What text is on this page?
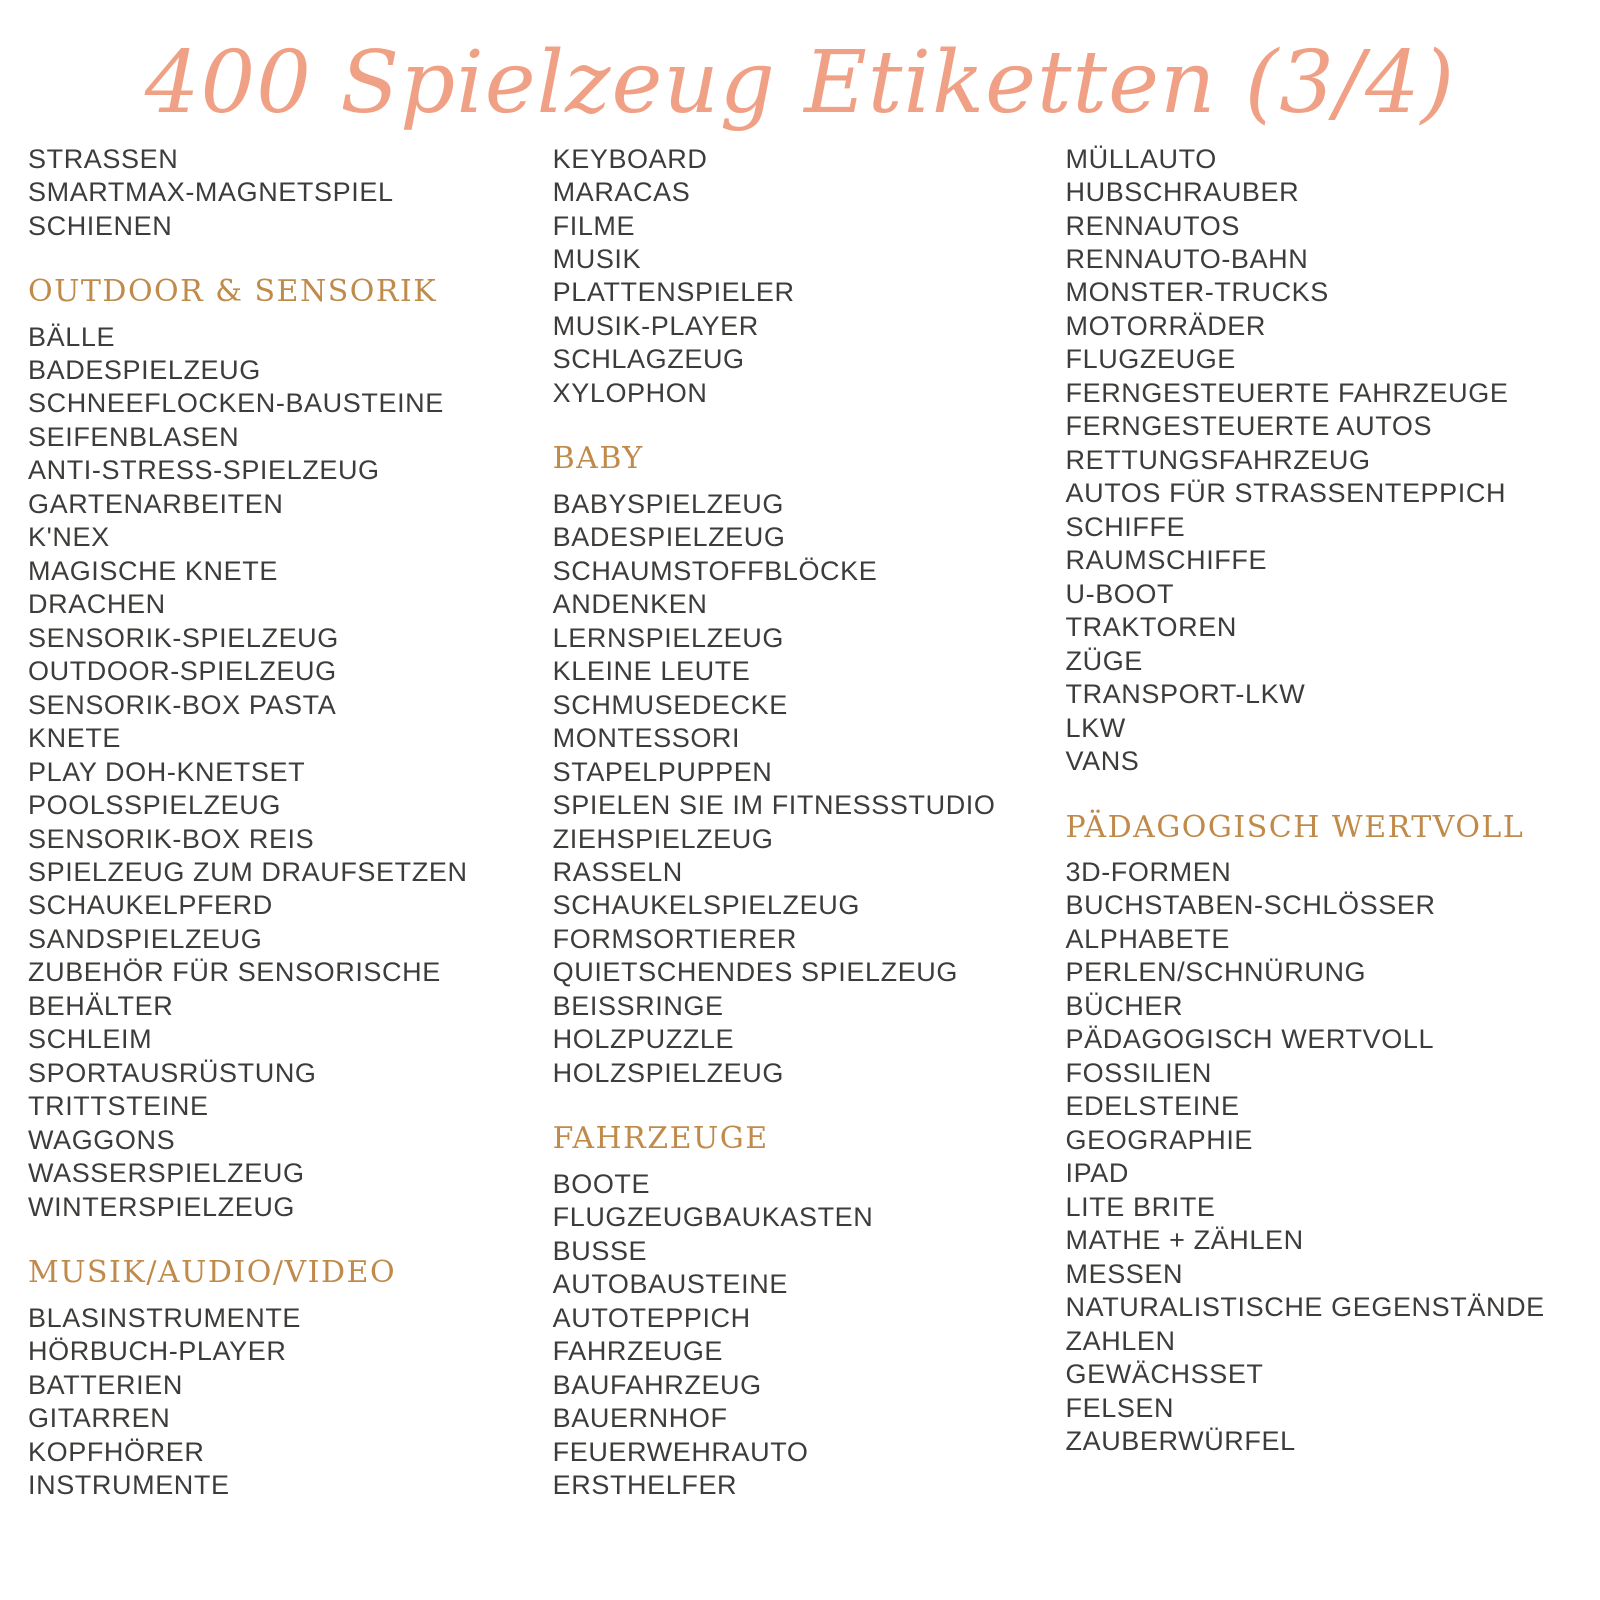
400 Spielzeug Etiketten (3/4)
STRASSEN
SMARTMAX-MAGNETSPIEL
SCHIENEN
OUTDOOR & SENSORIK
BÄLLE
BADESPIELZEUG
SCHNEEFLOCKEN-BAUSTEINE
SEIFENBLASEN
ANTI-STRESS-SPIELZEUG
GARTENARBEITEN
K'NEX
MAGISCHE KNETE
DRACHEN
SENSORIK-SPIELZEUG
OUTDOOR-SPIELZEUG
SENSORIK-BOX PASTA
KNETE
PLAY DOH-KNETSET
POOLSSPIELZEUG
SENSORIK-BOX REIS
SPIELZEUG ZUM DRAUFSETZEN
SCHAUKELPFERD
SANDSPIELZEUG
ZUBEHÖR FÜR SENSORISCHE
BEHÄLTER
SCHLEIM
SPORTAUSRÜSTUNG
TRITTSTEINE
WAGGONS
WASSERSPIELZEUG
WINTERSPIELZEUG
MUSIK/AUDIO/VIDEO
BLASINSTRUMENTE
HÖRBUCH-PLAYER
BATTERIEN
GITARREN
KOPFHÖRER
INSTRUMENTE
KEYBOARD
MARACAS
FILME
MUSIK
PLATTENSPIELER
MUSIK-PLAYER
SCHLAGZEUG
XYLOPHON
BABY
BABYSPIELZEUG
BADESPIELZEUG
SCHAUMSTOFFBLÖCKE
ANDENKEN
LERNSPIELZEUG
KLEINE LEUTE
SCHMUSEDECKE
MONTESSORI
STAPELPUPPEN
SPIELEN SIE IM FITNESSSTUDIO
ZIEHSPIELZEUG
RASSELN
SCHAUKELSPIELZEUG
FORMSORTIERER
QUIETSCHENDES SPIELZEUG
BEISSRINGE
HOLZPUZZLE
HOLZSPIELZEUG
FAHRZEUGE
BOOTE
FLUGZEUGBAUKASTEN
BUSSE
AUTOBAUSTEINE
AUTOTEPPICH
FAHRZEUGE
BAUFAHRZEUG
BAUERNHOF
FEUERWEHRAUTO
ERSTHELFER
MÜLLAUTO
HUBSCHRAUBER
RENNAUTOS
RENNAUTO-BAHN
MONSTER-TRUCKS
MOTORRÄDER
FLUGZEUGE
FERNGESTEUERTE FAHRZEUGE
FERNGESTEUERTE AUTOS
RETTUNGSFAHRZEUG
AUTOS FÜR STRASSENTEPPICH
SCHIFFE
RAUMSCHIFFE
U-BOOT
TRAKTOREN
ZÜGE
TRANSPORT-LKW
LKW
VANS
PÄDAGOGISCH WERTVOLL
3D-FORMEN
BUCHSTABEN-SCHLÖSSER
ALPHABETE
PERLEN/SCHNÜRUNG
BÜCHER
PÄDAGOGISCH WERTVOLL
FOSSILIEN
EDELSTEINE
GEOGRAPHIE
IPAD
LITE BRITE
MATHE + ZÄHLEN
MESSEN
NATURALISTISCHE GEGENSTÄNDE
ZAHLEN
GEWÄCHSSET
FELSEN
ZAUBERWÜRFEL
